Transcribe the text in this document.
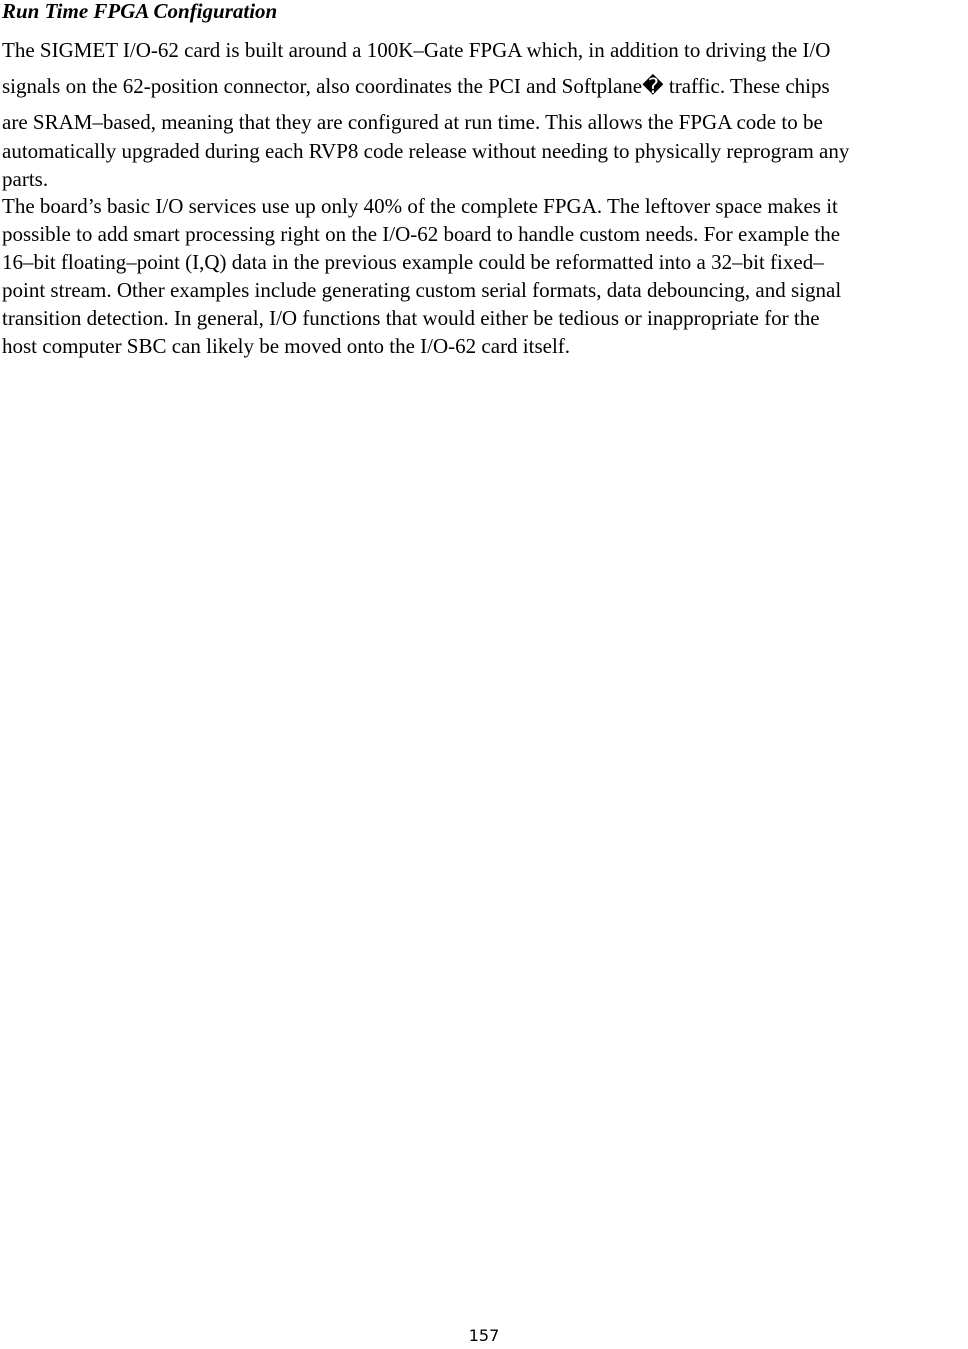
Run Time FPGA Configuration

The SIGMET I/O-62 card is built around a 100K–Gate FPGA which, in addition to driving the I/O

signals on the 62-position connector, also coordinates the PCI and Softplane� traffic. These chips

are SRAM–based, meaning that they are configured at run time. This allows the FPGA code to be

automatically upgraded during each RVP8 code release without needing to physically reprogram any

parts.

The board’s basic I/O services use up only 40% of the complete FPGA. The leftover space makes it

possible to add smart processing right on the I/O-62 board to handle custom needs. For example the

16–bit floating–point (I,Q) data in the previous example could be reformatted into a 32–bit fixed–

point stream. Other examples include generating custom serial formats, data debouncing, and signal

transition detection. In general, I/O functions that would either be tedious or inappropriate for the

host computer SBC can likely be moved onto the I/O-62 card itself.

157
